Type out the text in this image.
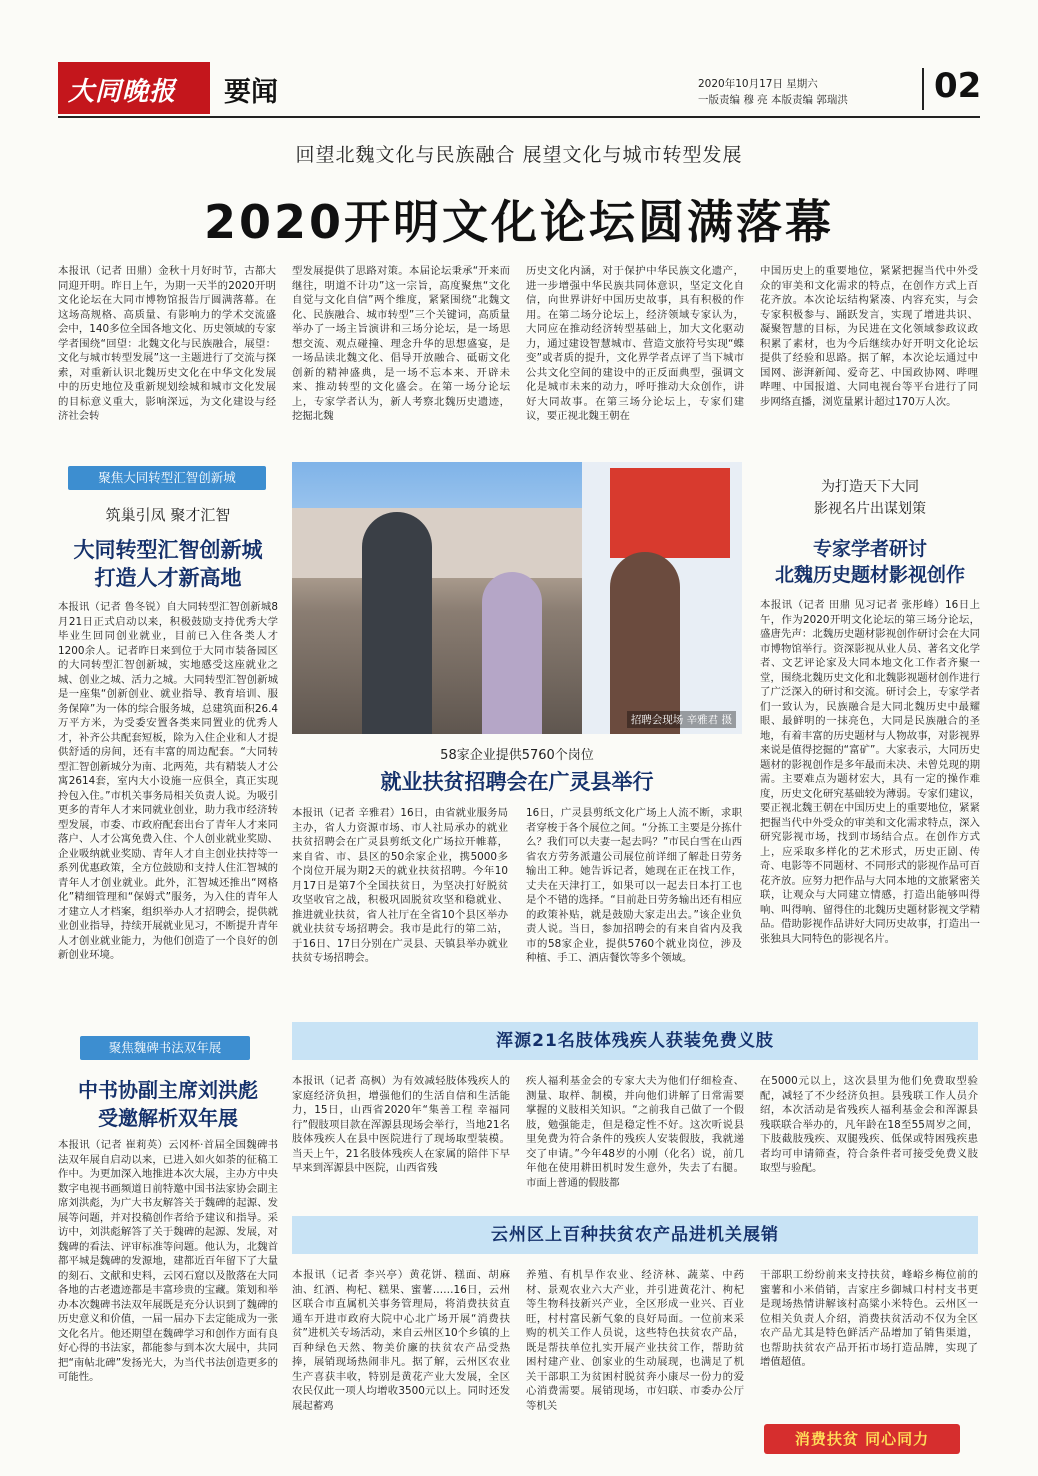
大同晚报 要闻	2020年10月17日 星期六
一版责编 穆 亮 本版责编 郭瑞洪	02
回望北魏文化与民族融合 展望文化与城市转型发展
2020开明文化论坛圆满落幕
本报讯（记者 田鼎）金秋十月好时节，古都大同迎开明。昨日上午，为期一天半的2020开明文化论坛在大同市博物馆报告厅圆满落幕。在这场高规格、高质量、有影响力的学术交流盛会中，140多位全国各地文化、历史领域的专家学者围绕“回望：北魏文化与民族融合，展望：文化与城市转型发展”这一主题进行了交流与探索，对重新认识北魏历史文化在中华文化发展中的历史地位及重新规划绘城和城市文化发展的目标意义重大，影响深远，为文化建设与经济社会转
型发展提供了思路对策。本届论坛秉承“开来而继往，明道不计功”这一宗旨，高度聚焦“文化自觉与文化自信”两个维度，紧紧围绕“北魏文化、民族融合、城市转型”三个关键词，高质量举办了一场主旨演讲和三场分论坛，是一场思想交流、观点碰撞、理念升华的思想盛宴，是一场品读北魏文化、倡导开放融合、砥砺文化创新的精神盛典，是一场不忘本来、开辟未来、推动转型的文化盛会。在第一场分论坛上，专家学者认为，新人考察北魏历史遗迹，挖掘北魏
历史文化内涵，对于保护中华民族文化遗产，进一步增强中华民族共同体意识，坚定文化自信，向世界讲好中国历史故事，具有积极的作用。在第二场分论坛上，经济领域专家认为，大同应在推动经济转型基础上，加大文化驱动力，通过建设智慧城市、营造文旅符号实现“蝶变”或者质的提升，文化界学者点评了当下城市公共文化空间的建设中的正反面典型，强调文化是城市未来的动力，呼吁推动大众创作，讲好大同故事。在第三场分论坛上，专家们建议，要正视北魏王朝在
中国历史上的重要地位，紧紧把握当代中外受众的审美和文化需求的特点，在创作方式上百花齐放。本次论坛结构紧凑、内容充实，与会专家积极参与、踊跃发言，实现了增进共识、凝聚智慧的目标，为民进在文化领域参政议政积累了素材，也为今后继续办好开明文化论坛提供了经验和思路。据了解，本次论坛通过中国网、澎湃新闻、爱奇艺、中国政协网、哔哩哔哩、中国报道、大同电视台等平台进行了同步网络直播，浏览量累计超过170万人次。
聚焦大同转型汇智创新城
筑巢引凤 聚才汇智
大同转型汇智创新城
打造人才新高地
本报讯（记者 鲁冬锐）自大同转型汇智创新城8月21日正式启动以来，积极鼓励支持优秀大学毕业生回同创业就业，目前已入住各类人才1200余人。记者昨日来到位于大同市装备园区的大同转型汇智创新城，实地感受这座就业之城、创业之城、活力之城。大同转型汇智创新城是一座集“创新创业、就业指导、教育培训、服务保障”为一体的综合服务城，总建筑面积26.4万平方米，为受委安置各类来同置业的优秀人才，补齐公共配套短板，除为入住企业和人才提供舒适的房间，还有丰富的周边配套。“大同转型汇智创新城分为南、北两苑，共有精装人才公寓2614套，室内大小设施一应俱全，真正实现拎包入住。”市机关事务局相关负责人说。为吸引更多的青年人才来同就业创业，助力我市经济转型发展，市委、市政府配套出台了青年人才来同落户、人才公寓免费入住、个人创业就业奖励、企业吸纳就业奖励、青年人才自主创业扶持等一系列优惠政策，全方位鼓励和支持人住汇智城的青年人才创业就业。此外，汇智城还推出“网格化”精细管理和“保姆式”服务，为入住的青年人才建立人才档案，组织举办人才招聘会，提供就业创业指导，持续开展就业见习，不断提升青年人才创业就业能力，为他们创造了一个良好的创新创业环境。
招聘会现场 辛雅君 摄
58家企业提供5760个岗位
就业扶贫招聘会在广灵县举行
本报讯（记者 辛雅君）16日，由省就业服务局主办，省人力资源市场、市人社局承办的就业扶贫招聘会在广灵县剪纸文化广场拉开帷幕，来自省、市、县区的50余家企业，携5000多个岗位开展为期2天的就业扶贫招聘。今年10月17日是第7个全国扶贫日，为坚决打好脱贫攻坚收官之战，积极巩固脱贫攻坚和稳就业、推进就业扶贫，省人社厅在全省10个县区举办就业扶贫专场招聘会。我市是此行的第二站，于16日、17日分别在广灵县、天镇县举办就业扶贫专场招聘会。
16日，广灵县剪纸文化广场上人流不断，求职者穿梭于各个展位之间。“分拣工主要是分拣什么？我们可以夫妻一起去吗？”市民白雪在山西省农方劳务派遣公司展位前详细了解赴日劳务输出工种。她告诉记者，她现在正在找工作，丈夫在天津打工，如果可以一起去日本打工也是个不错的选择。“目前赴日劳务输出还有相应的政策补贴，就是鼓励大家走出去。”该企业负责人说。当日，参加招聘会的有来自省内及我市的58家企业，提供5760个就业岗位，涉及种植、手工、酒店餐饮等多个领域。
为打造天下大同
影视名片出谋划策
专家学者研讨
北魏历史题材影视创作
本报讯（记者 田鼎 见习记者 张彤峰）16日上午，作为2020开明文化论坛的第三场分论坛，盛唐先声：北魏历史题材影视创作研讨会在大同市博物馆举行。资深影视从业人员、著名文化学者、文艺评论家及大同本地文化工作者齐聚一堂，围绕北魏历史文化和北魏影视题材创作进行了广泛深入的研讨和交流。研讨会上，专家学者们一致认为，民族融合是大同北魏历史中最耀眼、最鲜明的一抹亮色，大同是民族融合的圣地，有着丰富的历史题材与人物故事，对影视界来说是值得挖掘的“富矿”。大家表示，大同历史题材的影视创作是多年最而未决、未曾兑现的期需。主要难点为题材宏大，具有一定的操作难度，历史文化研究基础较为薄弱。专家们建议，要正视北魏王朝在中国历史上的重要地位，紧紧把握当代中外受众的审美和文化需求特点，深入研究影视市场，找到市场结合点。在创作方式上，应采取多样化的艺术形式，历史正剧、传奇、电影等不同题材、不同形式的影视作品可百花齐放。应努力把作品与大同本地的文旅紧密关联，让观众与大同建立情感，打造出能够叫得响、叫得响、留得住的北魏历史题材影视文学精品。借助影视作品讲好大同历史故事，打造出一张独具大同特色的影视名片。
聚焦魏碑书法双年展
中书协副主席刘洪彪
受邀解析双年展
本报讯（记者 崔莉英）云冈杯·首届全国魏碑书法双年展自启动以来，已进入如火如荼的征稿工作中。为更加深入地推进本次大展，主办方中央数字电视书画频道日前特邀中国书法家协会副主席刘洪彪，为广大书友解答关于魏碑的起源、发展等问题，并对投稿创作者给予建议和指导。采访中，刘洪彪解答了关于魏碑的起源、发展，对魏碑的看法、评审标准等问题。他认为，北魏首都平城是魏碑的发源地，建都近百年留下了大量的刻石、文献和史料，云冈石窟以及散落在大同各地的古老遗迹都是丰富珍贵的宝藏。策划和举办本次魏碑书法双年展既是充分认识到了魏碑的历史意义和价值，一届一届办下去定能成为一张文化名片。他还期望在魏碑学习和创作方面有良好心得的书法家，都能参与到本次大展中，共同把“南帖北碑”发扬光大，为当代书法创造更多的可能性。
浑源21名肢体残疾人获装免费义肢
本报讯（记者 高枫）为有效减轻肢体残疾人的家庭经济负担，增强他们的生活自信和生活能力，15日，山西省2020年“集善工程 幸福同行”假肢项目款在浑源县现场会举行，当地21名肢体残疾人在县中医院进行了现场取型装模。当天上午，21名肢体残疾人在家属的陪伴下早早来到浑源县中医院，山西省残
疾人福利基金会的专家大夫为他们仔细检查、测量、取样、制模，并向他们讲解了日常需要掌握的义肢相关知识。“之前我自己做了一个假肢，勉强能走，但是稳定性不好。这次听说县里免费为符合条件的残疾人安装假肢，我就递交了申请。”今年48岁的小刚（化名）说，前几年他在使用耕田机时发生意外，失去了右腿。市面上普通的假肢都
在5000元以上，这次县里为他们免费取型验配，减轻了不少经济负担。县残联工作人员介绍，本次活动是省残疾人福利基金会和浑源县残联联合举办的，凡年龄在18至55周岁之间，下肢截肢残疾、双腿残疾、低保或特困残疾患者均可申请筛查，符合条件者可接受免费义肢取型与验配。
云州区上百种扶贫农产品进机关展销
本报讯（记者 李兴亭）黄花饼、糕面、胡麻油、红酒、枸杞、糕果、蜜薯……16日，云州区联合市直属机关事务管理局，将消费扶贫直通车开进市政府大院中心北广场开展“消费扶贫”进机关专场活动，来自云州区10个乡镇的上百种绿色天然、物美价廉的扶贫农产品受热捧，展销现场热闹非凡。据了解，云州区农业生产喜获丰收，特别是黄花产业大发展，全区农民仅此一项人均增收3500元以上。同时还发展起蓄鸡
养殖、有机旱作农业、经济林、蔬菜、中药材、景观农业六大产业，并引进黄花汁、枸杞等生物科技新兴产业，全区形成一业兴、百业旺，村村富民新气象的良好局面。一位前来采购的机关工作人员说，这些特色扶贫农产品，既是帮扶单位扎实开展产业扶贫工作，帮助贫困村建产业、创家业的生动展现，也满足了机关干部职工为贫困村脱贫奔小康尽一份力的爱心消费需要。展销现场，市妇联、市委办公厅等机关
干部职工纷纷前来支持扶贫，峰峪乡梅位前的蜜薯和小米俏销，吉家庄乡御城口村村支书更是现场热情讲解该村高粱小米特色。云州区一位相关负责人介绍，消费扶贫活动不仅为全区农产品尤其是特色鲜活产品增加了销售渠道，也帮助扶贫农产品开拓市场打造品牌，实现了增值超值。
消费扶贫 同心同力
